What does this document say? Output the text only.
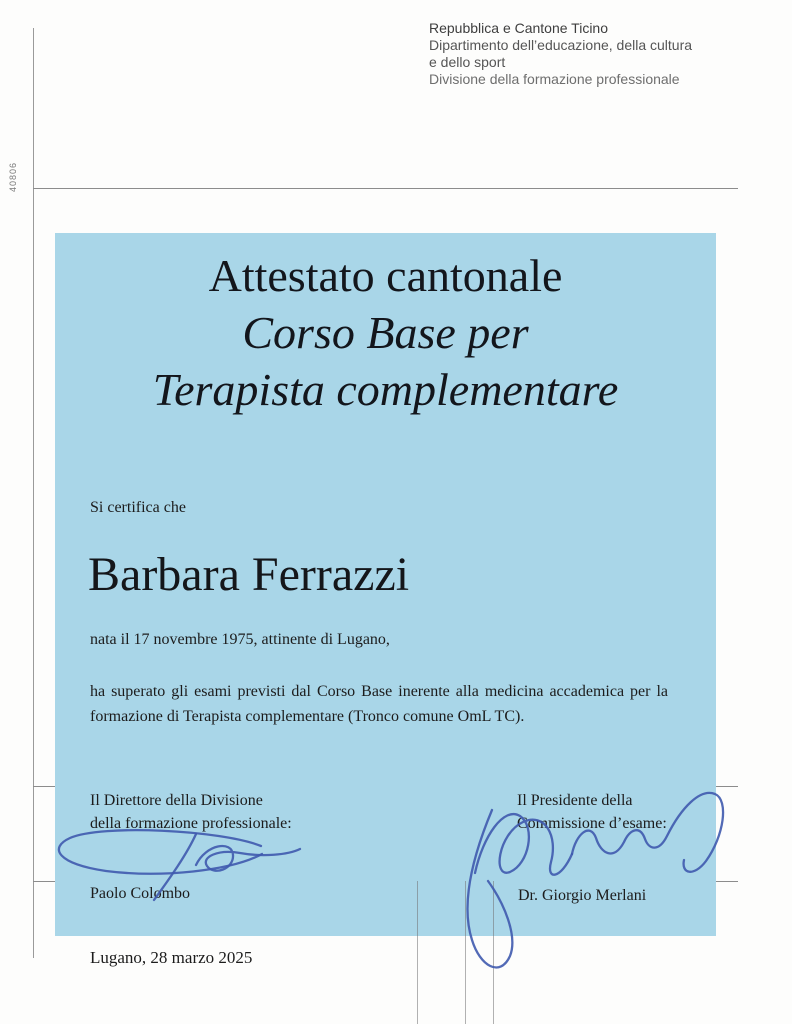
Repubblica e Cantone Ticino
Dipartimento dell’educazione, della cultura
e dello sport
Divisione della formazione professionale
40806
Attestato cantonale
Corso Base per
Terapista complementare
Si certifica che
Barbara Ferrazzi
nata il 17 novembre 1975, attinente di Lugano,
ha superato gli esami previsti dal Corso Base inerente alla medicina accademica per la formazione di Terapista complementare (Tronco comune OmL TC).
Il Direttore della Divisione
della formazione professionale:
Il Presidente della
Commissione d’esame:
Paolo Colombo	Dr. Giorgio Merlani
Lugano, 28 marzo 2025
